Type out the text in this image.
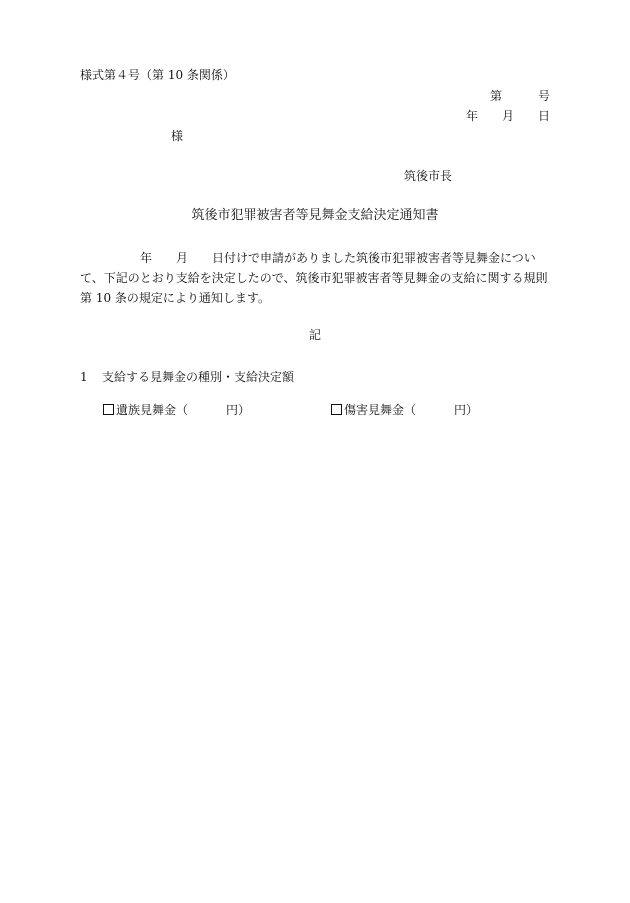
様式第４号（第 10 条関係）
第　　　号
年　　月　　日
様
筑後市長
筑後市犯罪被害者等見舞金支給決定通知書
　　　　　年　　月　　日付けで申請がありました筑後市犯罪被害者等見舞金について、下記のとおり支給を決定したので、筑後市犯罪被害者等見舞金の支給に関する規則第 10 条の規定により通知します。
記
1 支給する見舞金の種別・支給決定額
遺族見舞金（	円）	傷害見舞金（	円）
